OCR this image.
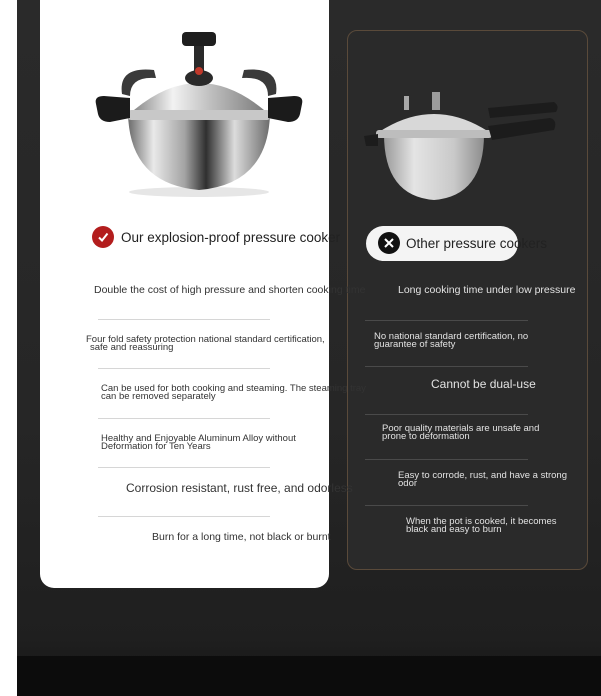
Our explosion-proof pressure cooker	Other pressure cookers
Double the cost of high pressure and shorten cooking time
Four fold safety protection national standard certification,
safe and reassuring
Can be used for both cooking and steaming. The steaming tray
can be removed separately
Healthy and Enjoyable Aluminum Alloy without
Deformation for Ten Years
Corrosion resistant, rust free, and odorless
Burn for a long time, not black or burnt
Long cooking time under low pressure
No national standard certification, no
guarantee of safety
Cannot be dual-use
Poor quality materials are unsafe and
prone to deformation
Easy to corrode, rust, and have a strong
odor
When the pot is cooked, it becomes
black and easy to burn
